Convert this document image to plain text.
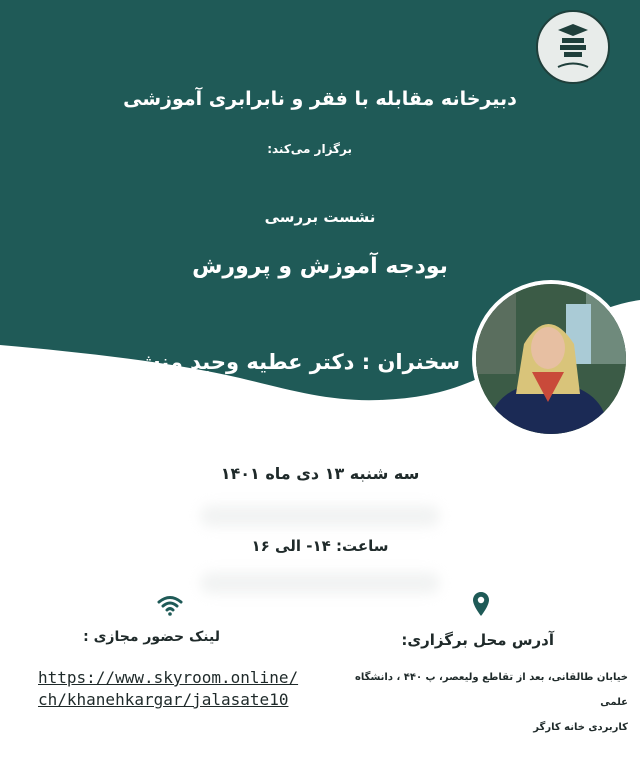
دبیرخانه مقابله با فقر و نابرابری آموزشی
برگزار می‌کند:
نشست بررسی
بودجه آموزش و پرورش
سخنران : دکتر عطیه وحید منش
سه شنبه ۱۳ دی ماه ۱۴۰۱
ساعت: ۱۴- الی ۱۶
لینک حضور مجازی :	آدرس محل برگزاری:
https://www.skyroom.online/
ch/khanehkargar/jalasate10
خیابان طالقانی، بعد از تقاطع ولیعصر، پ ۴۴۰ ، دانشگاه علمی
کاربردی خانه کارگر
